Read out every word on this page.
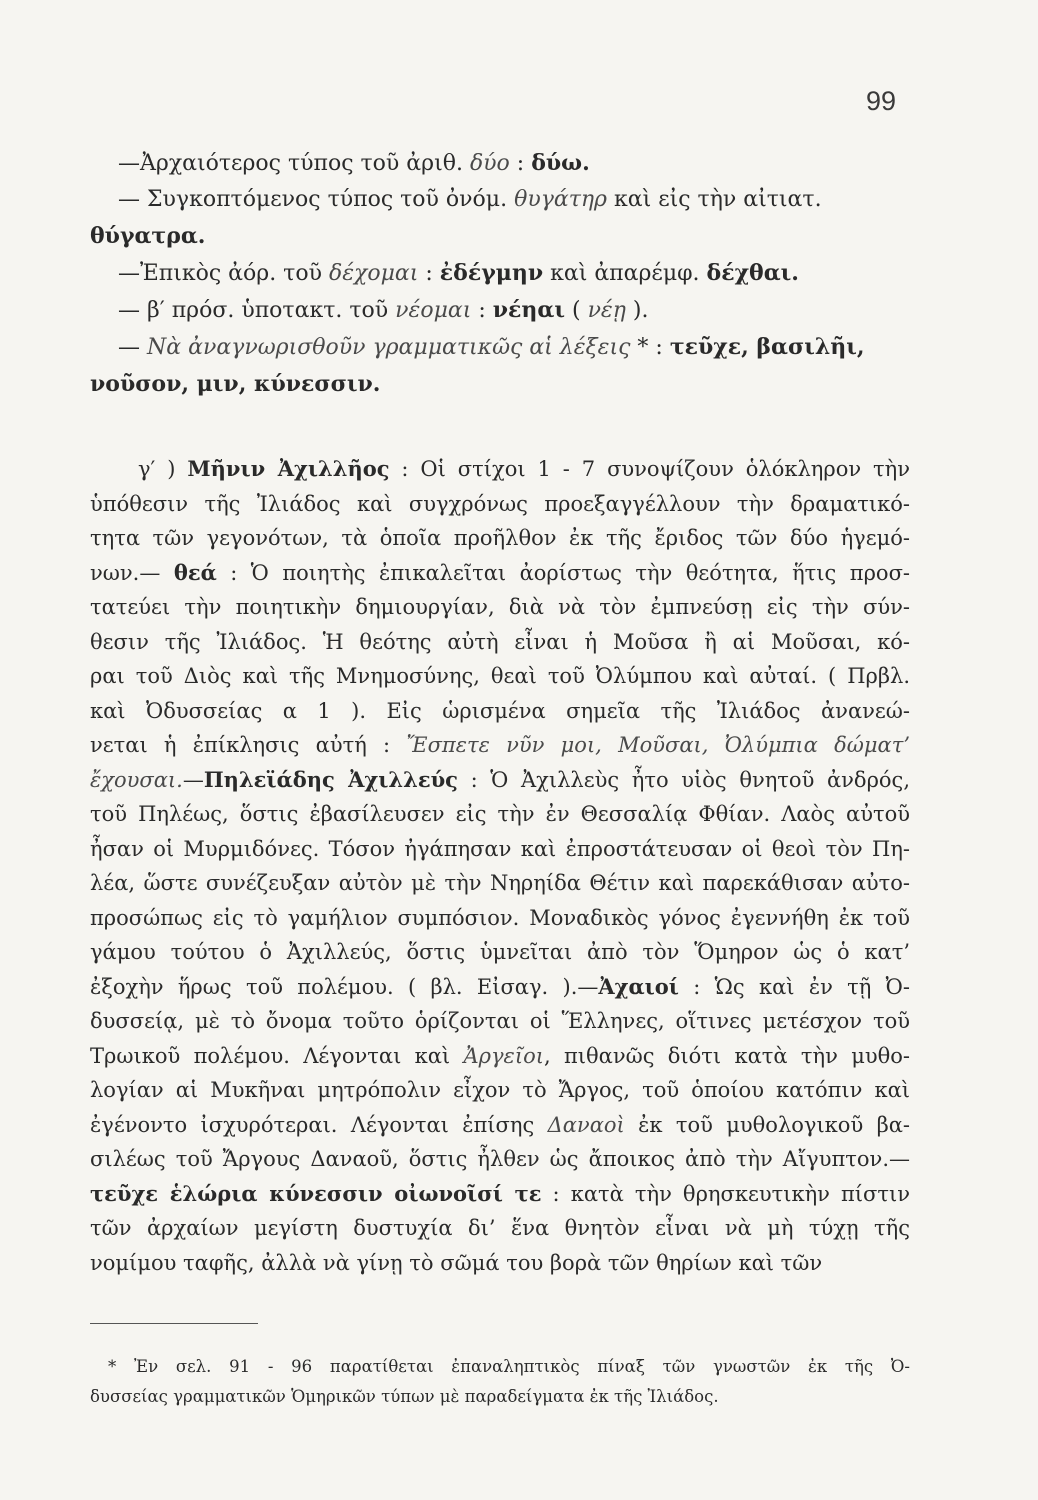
99
—Ἀρχαιότερος τύπος τοῦ ἀριθ. δύο : δύω.
— Συγκοπτόμενος τύπος τοῦ ὀνόμ. θυγάτηρ καὶ εἰς τὴν αἰτιατ.
θύγατρα.
—Ἐπικὸς ἀόρ. τοῦ δέχομαι : ἐδέγμην καὶ ἀπαρέμφ. δέχθαι.
— β′ πρόσ. ὑποτακτ. τοῦ νέομαι : νέηαι ( νέῃ ).
— Νὰ ἀναγνωρισθοῦν γραμματικῶς αἱ λέξεις * : τεῦχε, βασιλῆι,
νοῦσον, μιν, κύνεσσιν.
γ′ ) Μῆνιν Ἀχιλλῆος : Οἱ στίχοι 1 - 7 συνοψίζουν ὁλόκληρον τὴν
ὑπόθεσιν τῆς Ἰλιάδος καὶ συγχρόνως προεξαγγέλλουν τὴν δραματικό-
τητα τῶν γεγονότων, τὰ ὁποῖα προῆλθον ἐκ τῆς ἔριδος τῶν δύο ἡγεμό-
νων.— θεά : Ὁ ποιητὴς ἐπικαλεῖται ἀορίστως τὴν θεότητα, ἥτις προσ-
τατεύει τὴν ποιητικὴν δημιουργίαν, διὰ νὰ τὸν ἐμπνεύσῃ εἰς τὴν σύν-
θεσιν τῆς Ἰλιάδος. Ἡ θεότης αὐτὴ εἶναι ἡ Μοῦσα ἢ αἱ Μοῦσαι, κό-
ραι τοῦ Διὸς καὶ τῆς Μνημοσύνης, θεαὶ τοῦ Ὀλύμπου καὶ αὐταί. ( Πρβλ.
καὶ Ὀδυσσείας α 1 ). Εἰς ὡρισμένα σημεῖα τῆς Ἰλιάδος ἀνανεώ-
νεται ἡ ἐπίκλησις αὐτή : Ἔσπετε νῦν μοι, Μοῦσαι, Ὀλύμπια δώματ’
ἔχουσαι.—Πηλεϊάδης Ἀχιλλεύς : Ὁ Ἀχιλλεὺς ἦτο υἱὸς θνητοῦ ἀνδρός,
τοῦ Πηλέως, ὅστις ἐβασίλευσεν εἰς τὴν ἐν Θεσσαλίᾳ Φθίαν. Λαὸς αὐτοῦ
ἦσαν οἱ Μυρμιδόνες. Τόσον ἠγάπησαν καὶ ἐπροστάτευσαν οἱ θεοὶ τὸν Πη-
λέα, ὥστε συνέζευξαν αὐτὸν μὲ τὴν Νηρηίδα Θέτιν καὶ παρεκάθισαν αὐτο-
προσώπως εἰς τὸ γαμήλιον συμπόσιον. Μοναδικὸς γόνος ἐγεννήθη ἐκ τοῦ
γάμου τούτου ὁ Ἀχιλλεύς, ὅστις ὑμνεῖται ἀπὸ τὸν Ὅμηρον ὡς ὁ κατ’
ἐξοχὴν ἥρως τοῦ πολέμου. ( βλ. Εἰσαγ. ).—Ἀχαιοί : Ὡς καὶ ἐν τῇ Ὀ-
δυσσείᾳ, μὲ τὸ ὄνομα τοῦτο ὁρίζονται οἱ Ἕλληνες, οἵτινες μετέσχον τοῦ
Τρωικοῦ πολέμου. Λέγονται καὶ Ἀργεῖοι, πιθανῶς διότι κατὰ τὴν μυθο-
λογίαν αἱ Μυκῆναι μητρόπολιν εἶχον τὸ Ἄργος, τοῦ ὁποίου κατόπιν καὶ
ἐγένοντο ἰσχυρότεραι. Λέγονται ἐπίσης Δαναοὶ ἐκ τοῦ μυθολογικοῦ βα-
σιλέως τοῦ Ἄργους Δαναοῦ, ὅστις ἦλθεν ὡς ἄποικος ἀπὸ τὴν Αἴγυπτον.—
τεῦχε ἑλώρια κύνεσσιν οἰωνοῖσί τε : κατὰ τὴν θρησκευτικὴν πίστιν
τῶν ἀρχαίων μεγίστη δυστυχία δι’ ἕνα θνητὸν εἶναι νὰ μὴ τύχῃ τῆς
νομίμου ταφῆς, ἀλλὰ νὰ γίνῃ τὸ σῶμά του βορὰ τῶν θηρίων καὶ τῶν
* Ἐν σελ. 91 - 96 παρατίθεται ἐπαναληπτικὸς πίναξ τῶν γνωστῶν ἐκ τῆς Ὀ-
δυσσείας γραμματικῶν Ὁμηρικῶν τύπων μὲ παραδείγματα ἐκ τῆς Ἰλιάδος.
